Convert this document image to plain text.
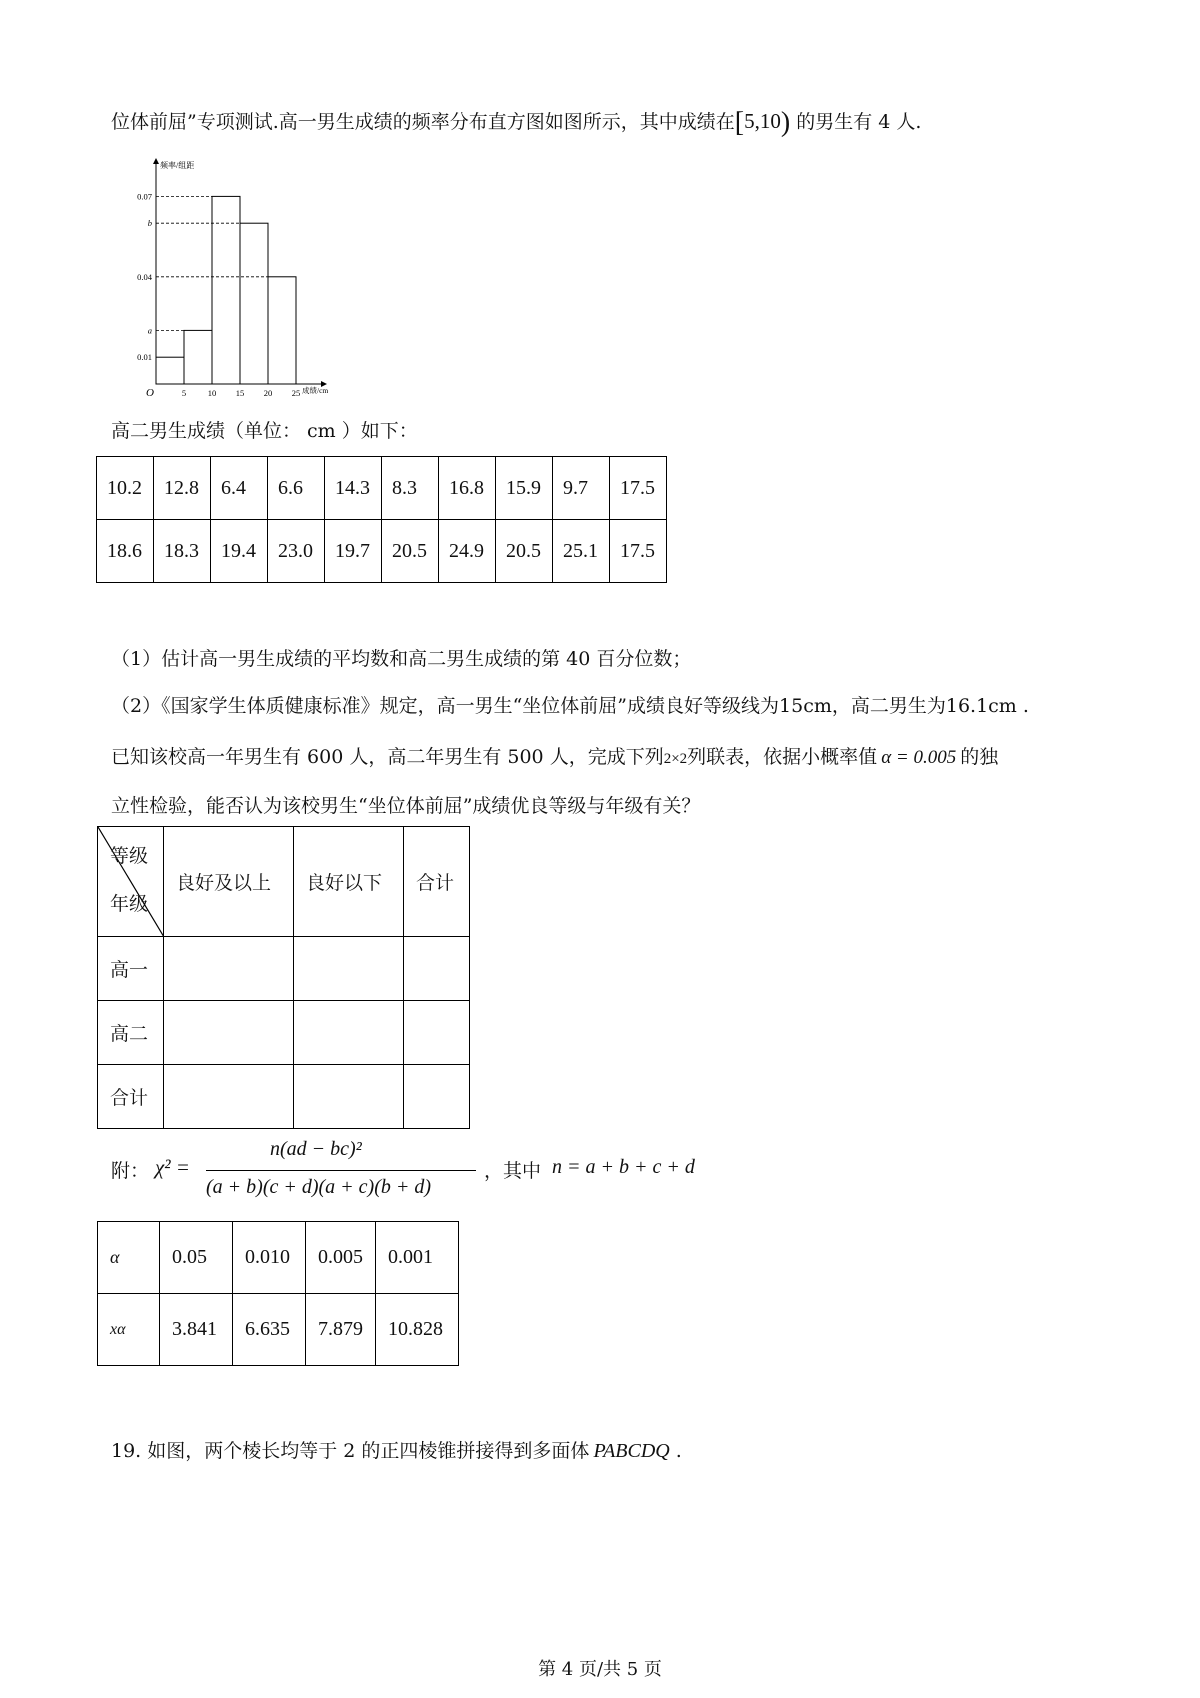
位体前屈”专项测试.高一男生成绩的频率分布直方图如图所示，其中成绩在[5,10) 的男生有 4 人.
0.07
b
0.04
a
0.01
5	10 15 20 25
O
频率/组距
成绩/cm
高二男生成绩（单位： cm ）如下：
10.2	12.8	6.4	6.6	14.3	8.3	16.8	15.9	9.7	17.5
18.6	18.3	19.4	23.0	19.7	20.5	24.9	20.5	25.1	17.5
（1）估计高一男生成绩的平均数和高二男生成绩的第 40 百分位数；
（2）《国家学生体质健康标准》规定，高一男生“坐位体前屈”成绩良好等级线为15cm，高二男生为16.1cm .
已知该校高一年男生有 600 人，高二年男生有 500 人，完成下列2×2列联表，依据小概率值 α = 0.005 的独
立性检验，能否认为该校男生“坐位体前屈”成绩优良等级与年级有关？
等级
年级	良好及以上	良好以下	合计
高一			
高二			
合计			
附： χ² =
n(ad − bc)²
(a + b)(c + d)(a + c)(b + d)
，其中 n = a + b + c + d
α	0.05	0.010	0.005	0.001
xα	3.841	6.635	7.879	10.828
19. 如图，两个棱长均等于 2 的正四棱锥拼接得到多面体 PABCDQ .
第 4 页/共 5 页
